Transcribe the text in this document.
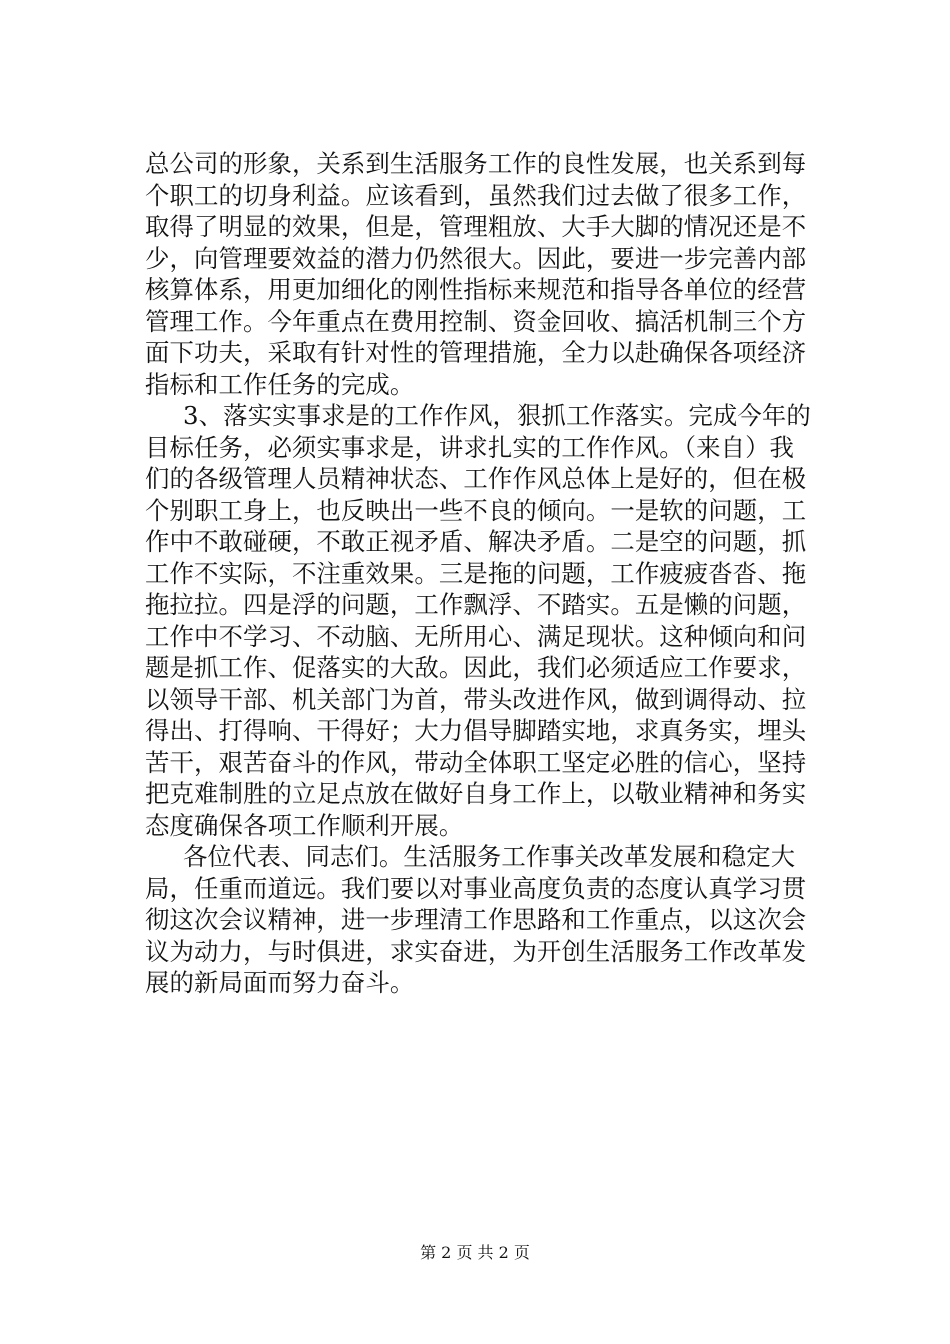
总公司的形象，关系到生活服务工作的良性发展，也关系到每
个职工的切身利益。应该看到，虽然我们过去做了很多工作，
取得了明显的效果，但是，管理粗放、大手大脚的情况还是不
少，向管理要效益的潜力仍然很大。因此，要进一步完善内部
核算体系，用更加细化的刚性指标来规范和指导各单位的经营
管理工作。今年重点在费用控制、资金回收、搞活机制三个方
面下功夫，采取有针对性的管理措施，全力以赴确保各项经济
指标和工作任务的完成。
3、落实实事求是的工作作风，狠抓工作落实。完成今年的
目标任务，必须实事求是，讲求扎实的工作作风。（来自）我
们的各级管理人员精神状态、工作作风总体上是好的，但在极
个别职工身上，也反映出一些不良的倾向。一是软的问题，工
作中不敢碰硬，不敢正视矛盾、解决矛盾。二是空的问题，抓
工作不实际，不注重效果。三是拖的问题，工作疲疲沓沓、拖
拖拉拉。四是浮的问题，工作飘浮、不踏实。五是懒的问题，
工作中不学习、不动脑、无所用心、满足现状。这种倾向和问
题是抓工作、促落实的大敌。因此，我们必须适应工作要求，
以领导干部、机关部门为首，带头改进作风，做到调得动、拉
得出、打得响、干得好；大力倡导脚踏实地，求真务实，埋头
苦干，艰苦奋斗的作风，带动全体职工坚定必胜的信心，坚持
把克难制胜的立足点放在做好自身工作上，以敬业精神和务实
态度确保各项工作顺利开展。
各位代表、同志们。生活服务工作事关改革发展和稳定大
局，任重而道远。我们要以对事业高度负责的态度认真学习贯
彻这次会议精神，进一步理清工作思路和工作重点，以这次会
议为动力，与时俱进，求实奋进，为开创生活服务工作改革发
展的新局面而努力奋斗。
第 2 页 共 2 页
